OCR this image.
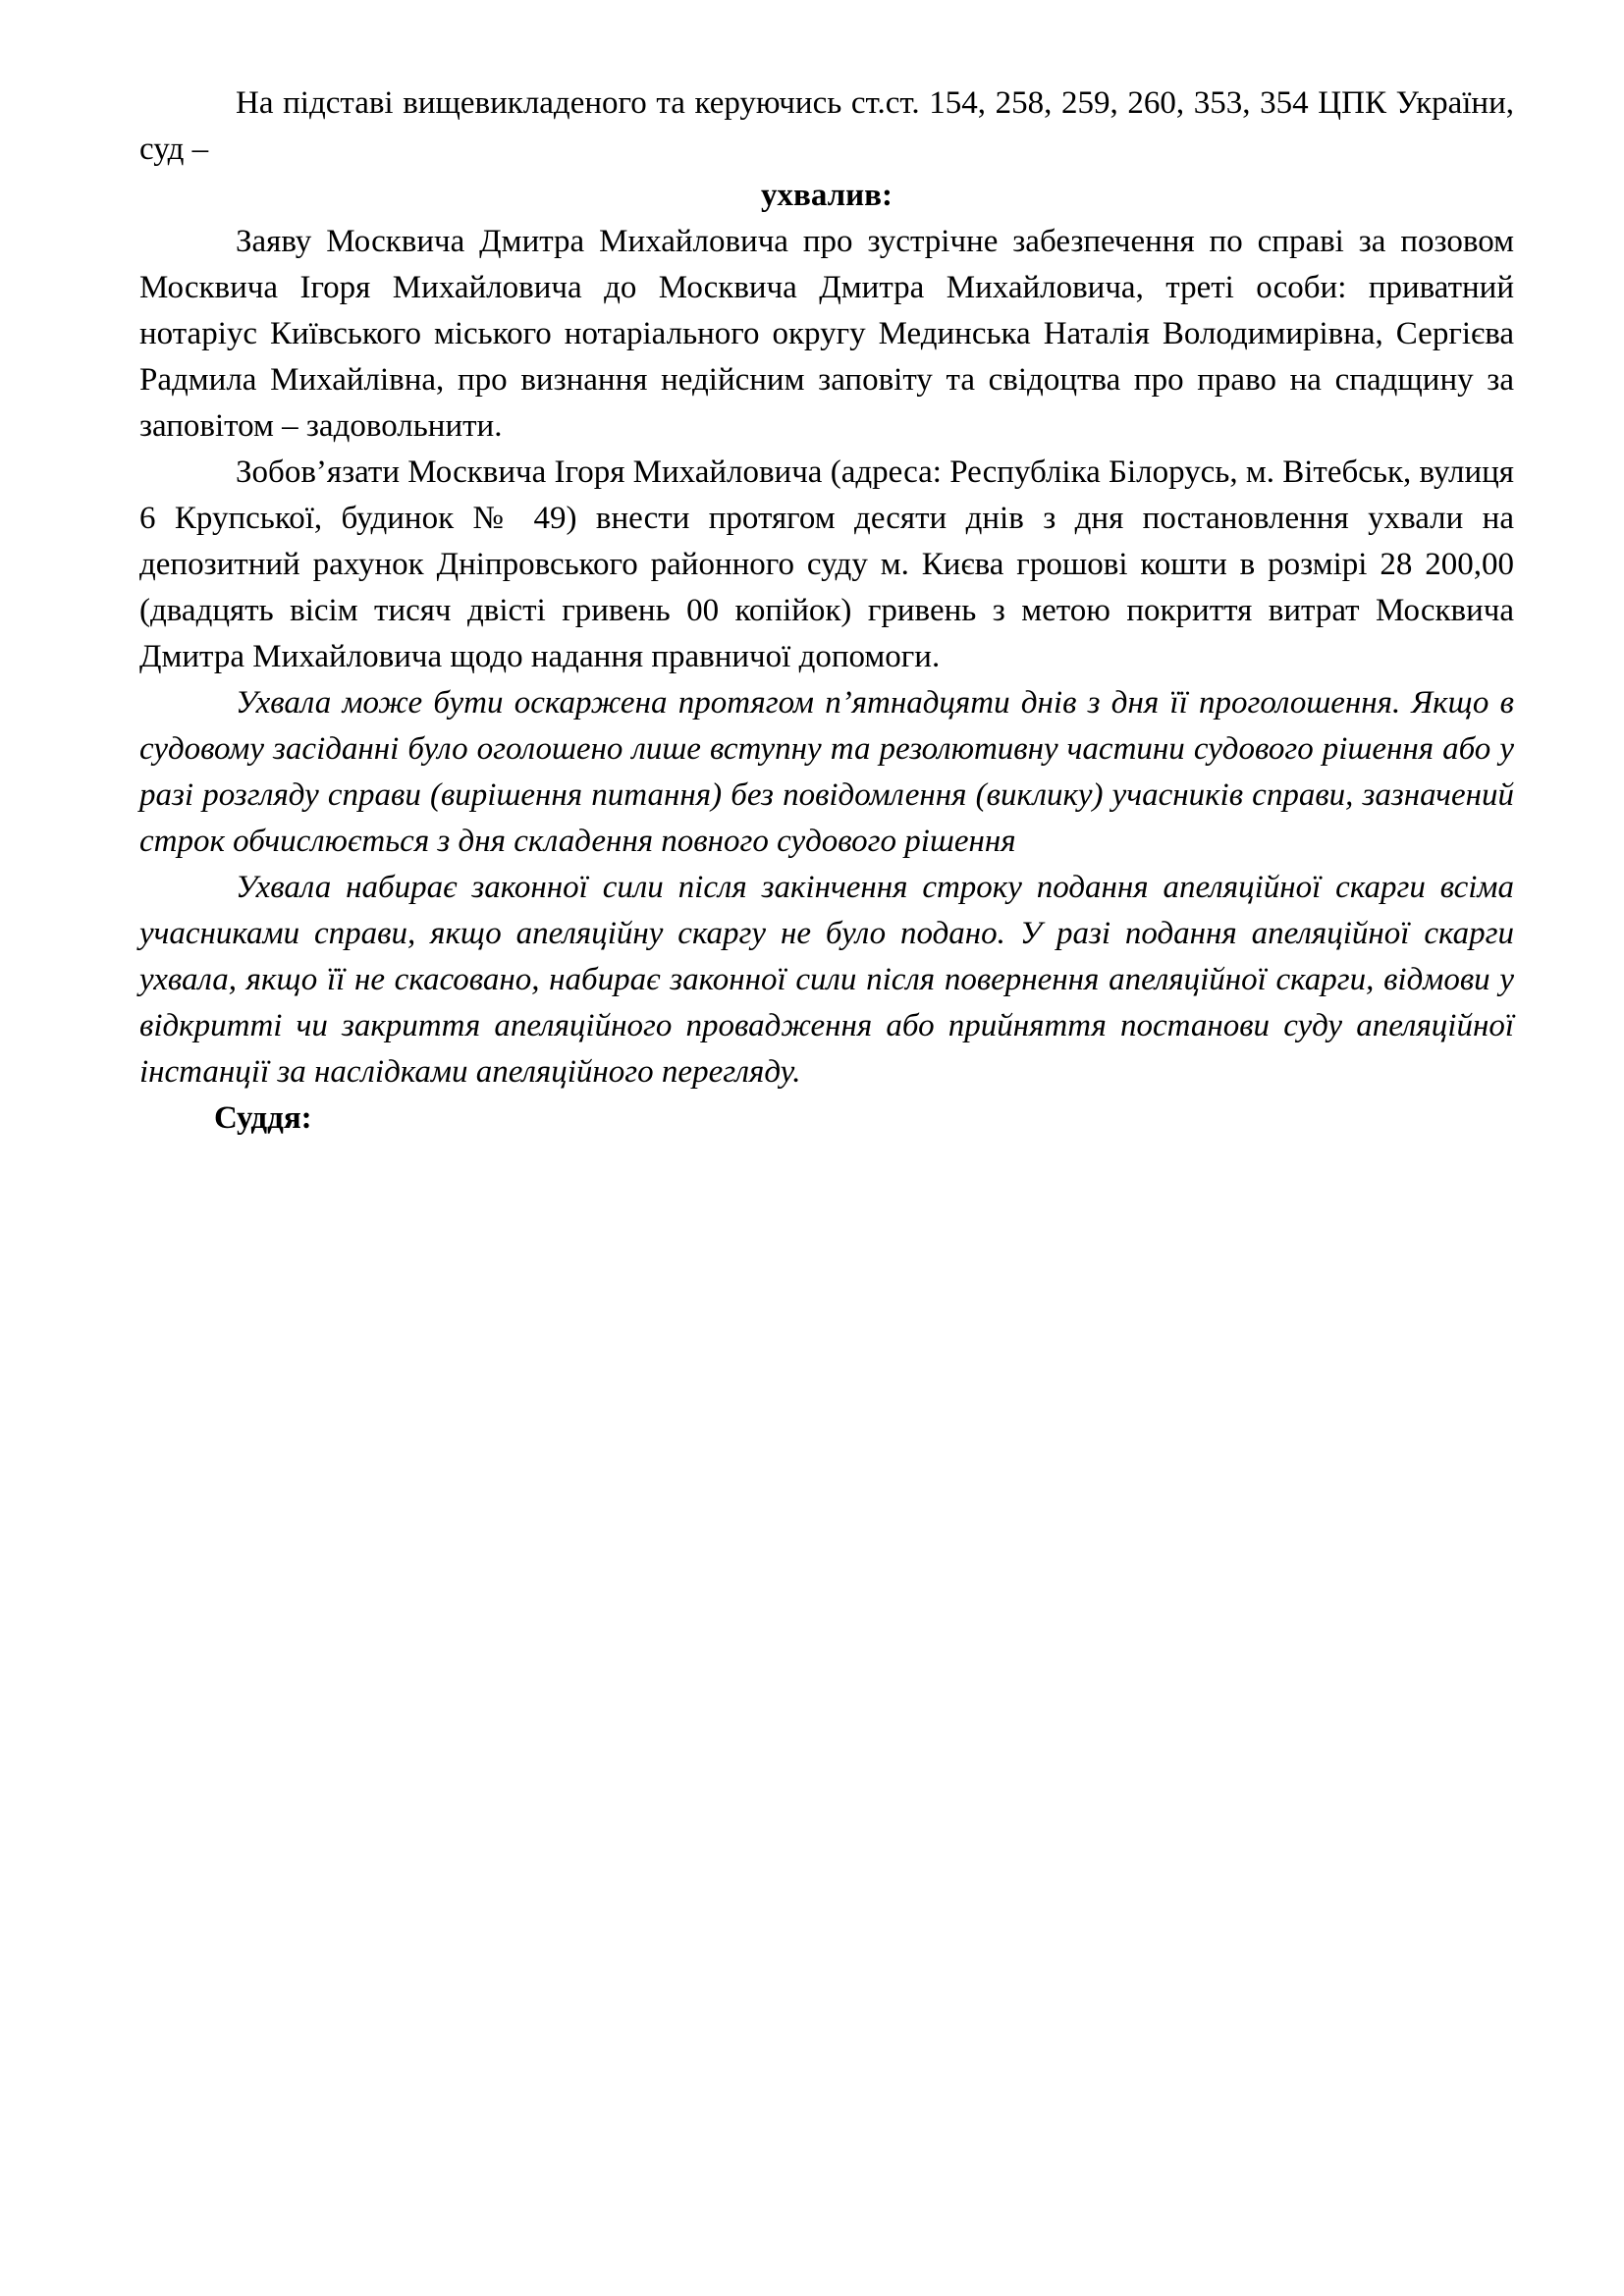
На підставі вищевикладеного та керуючись ст.ст. 154, 258, 259, 260, 353, 354 ЦПК України, суд –

ухвалив:

Заяву Москвича Дмитра Михайловича про зустрічне забезпечення по справі за позовом Москвича Ігоря Михайловича до Москвича Дмитра Михайловича, треті особи: приватний нотаріус Київського міського нотаріального округу Мединська Наталія Володимирівна, Сергієва Радмила Михайлівна, про визнання недійсним заповіту та свідоцтва про право на спадщину за заповітом – задовольнити.

Зобов’язати Москвича Ігоря Михайловича (адреса: Республіка Білорусь, м. Вітебськ, вулиця 6 Крупської, будинок № 49) внести протягом десяти днів з дня постановлення ухвали на депозитний рахунок Дніпровського районного суду м. Києва грошові кошти в розмірі 28 200,00 (двадцять вісім тисяч двісті гривень 00 копійок) гривень з метою покриття витрат Москвича Дмитра Михайловича щодо надання правничої допомоги.

Ухвала може бути оскаржена протягом п’ятнадцяти днів з дня її проголошення. Якщо в судовому засіданні було оголошено лише вступну та резолютивну частини судового рішення або у разі розгляду справи (вирішення питання) без повідомлення (виклику) учасників справи, зазначений строк обчислюється з дня складення повного судового рішення

Ухвала набирає законної сили після закінчення строку подання апеляційної скарги всіма учасниками справи, якщо апеляційну скаргу не було подано. У разі подання апеляційної скарги ухвала, якщо її не скасовано, набирає законної сили після повернення апеляційної скарги, відмови у відкритті чи закриття апеляційного провадження або прийняття постанови суду апеляційної інстанції за наслідками апеляційного перегляду.

Суддя:
